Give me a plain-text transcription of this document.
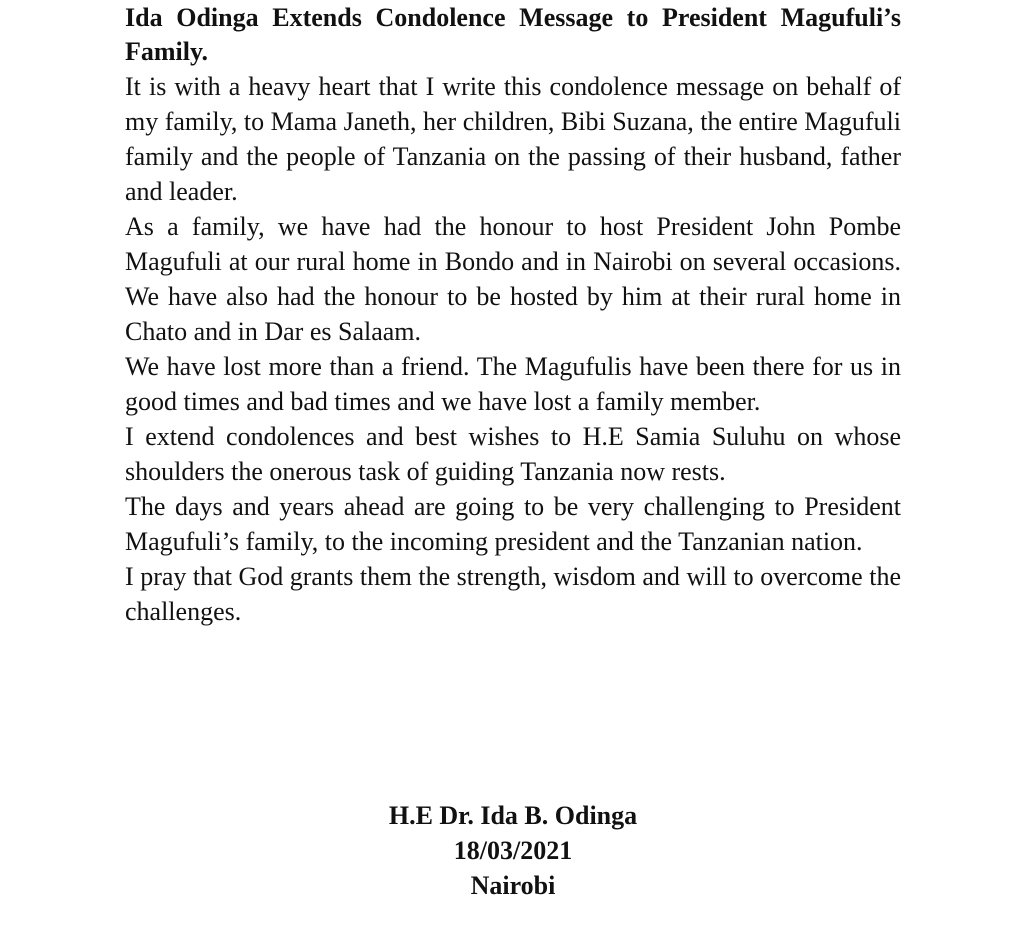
Ida Odinga Extends Condolence Message to President Magufuli’s Family.

It is with a heavy heart that I write this condolence message on behalf of my family, to Mama Janeth, her children, Bibi Suzana, the entire Magufuli family and the people of Tanzania on the passing of their husband, father and leader.

As a family, we have had the honour to host President John Pombe Magufuli at our rural home in Bondo and in Nairobi on several occasions. We have also had the honour to be hosted by him at their rural home in Chato and in Dar es Salaam.

We have lost more than a friend. The Magufulis have been there for us in good times and bad times and we have lost a family member.

I extend condolences and best wishes to H.E Samia Suluhu on whose shoulders the onerous task of guiding Tanzania now rests.

The days and years ahead are going to be very challenging to President Magufuli’s family, to the incoming president and the Tanzanian nation.

I pray that God grants them the strength, wisdom and will to overcome the challenges.

H.E Dr. Ida B. Odinga
18/03/2021
Nairobi
